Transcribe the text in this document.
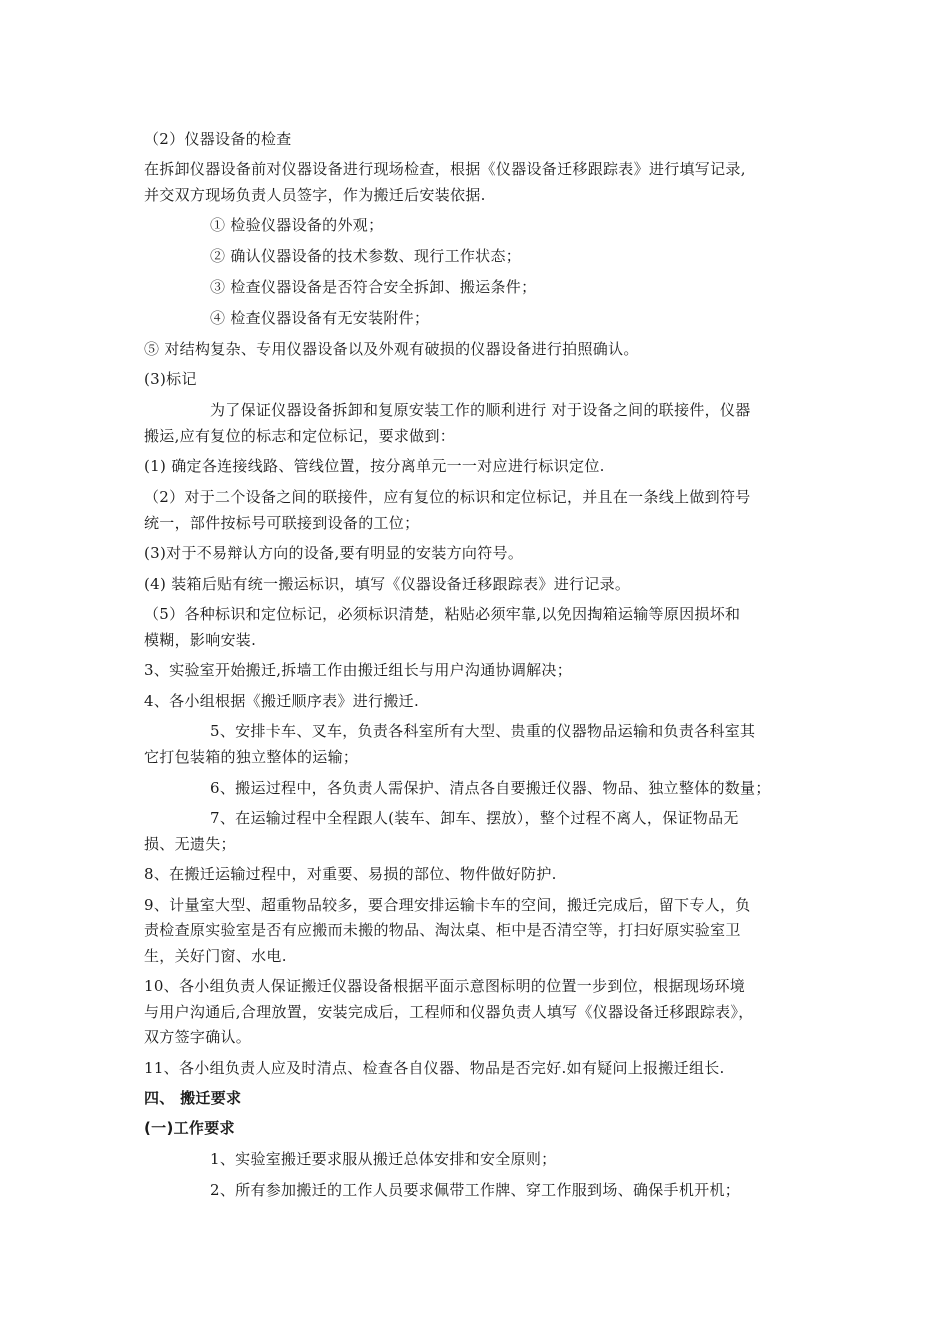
（2）仪器设备的检查

在拆卸仪器设备前对仪器设备进行现场检查，根据《仪器设备迁移跟踪表》进行填写记录,

并交双方现场负责人员签字，作为搬迁后安装依据.

① 检验仪器设备的外观；

② 确认仪器设备的技术参数、现行工作状态；

③ 检查仪器设备是否符合安全拆卸、搬运条件；

④ 检查仪器设备有无安装附件；

⑤ 对结构复杂、专用仪器设备以及外观有破损的仪器设备进行拍照确认。

(3)标记

为了保证仪器设备拆卸和复原安装工作的顺利进行 对于设备之间的联接件，仪器

搬运,应有复位的标志和定位标记，要求做到：

(1) 确定各连接线路、管线位置，按分离单元一一对应进行标识定位.

（2）对于二个设备之间的联接件，应有复位的标识和定位标记，并且在一条线上做到符号

统一，部件按标号可联接到设备的工位；

(3)对于不易辩认方向的设备,要有明显的安装方向符号。

(4) 装箱后贴有统一搬运标识，填写《仪器设备迁移跟踪表》进行记录。

（5）各种标识和定位标记，必须标识清楚，粘贴必须牢靠,以免因掏箱运输等原因损坏和

模糊，影响安装.

3、实验室开始搬迁,拆墙工作由搬迁组长与用户沟通协调解决；

4、各小组根据《搬迁顺序表》进行搬迁.

5、安排卡车、叉车，负责各科室所有大型、贵重的仪器物品运输和负责各科室其

它打包装箱的独立整体的运输；

6、搬运过程中，各负责人需保护、清点各自要搬迁仪器、物品、独立整体的数量；

7、在运输过程中全程跟人(装车、卸车、摆放），整个过程不离人，保证物品无

损、无遗失；

8、在搬迁运输过程中，对重要、易损的部位、物件做好防护.

9、计量室大型、超重物品较多，要合理安排运输卡车的空间，搬迁完成后，留下专人，负

责检查原实验室是否有应搬而未搬的物品、淘汰桌、柜中是否清空等，打扫好原实验室卫

生，关好门窗、水电.

10、各小组负责人保证搬迁仪器设备根据平面示意图标明的位置一步到位，根据现场环境

与用户沟通后,合理放置，安装完成后，工程师和仪器负责人填写《仪器设备迁移跟踪表》，

双方签字确认。

11、各小组负责人应及时清点、检查各自仪器、物品是否完好.如有疑问上报搬迁组长.

四、 搬迁要求

(一)工作要求

1、实验室搬迁要求服从搬迁总体安排和安全原则；

2、所有参加搬迁的工作人员要求佩带工作牌、穿工作服到场、确保手机开机；
